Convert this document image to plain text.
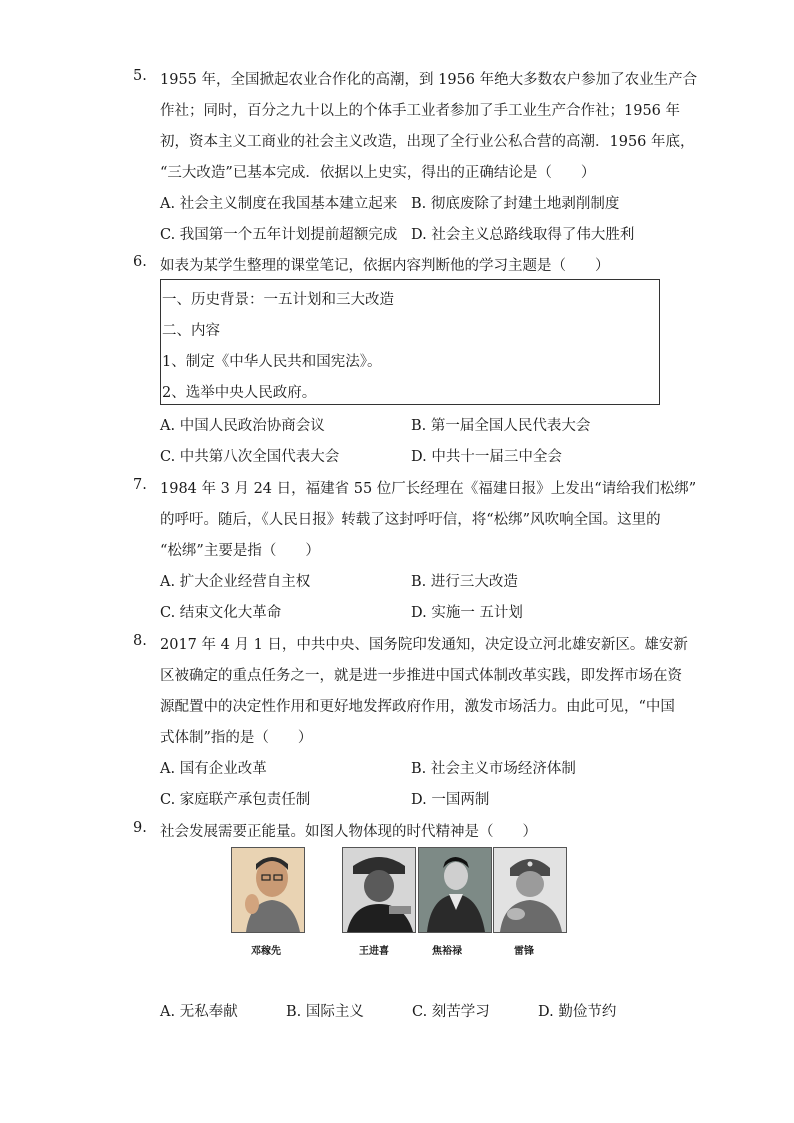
5. 1955 年，全国掀起农业合作化的高潮，到 1956 年绝大多数农户参加了农业生产合
作社；同时，百分之九十以上的个体手工业者参加了手工业生产合作社；1956 年
初，资本主义工商业的社会主义改造，出现了全行业公私合营的高潮．1956 年底，
“三大改造”已基本完成．依据以上史实，得出的正确结论是（　　）
A. 社会主义制度在我国基本建立起来 B. 彻底废除了封建土地剥削制度
C. 我国第一个五年计划提前超额完成 D. 社会主义总路线取得了伟大胜利
6. 如表为某学生整理的课堂笔记，依据内容判断他的学习主题是（　　）
一、历史背景：一五计划和三大改造
二、内容
1、制定《中华人民共和国宪法》。
2、选举中央人民政府。
A. 中国人民政治协商会议	B. 第一届全国人民代表大会
C. 中共第八次全国代表大会	D. 中共十一届三中全会
7. 1984 年 3 月 24 日，福建省 55 位厂长经理在《福建日报》上发出“请给我们松绑”
的呼吁。随后，《人民日报》转载了这封呼吁信，将“松绑”风吹响全国。这里的
“松绑”主要是指（　　）
A. 扩大企业经营自主权	B. 进行三大改造
C. 结束文化大革命	D. 实施一 五计划
8. 2017 年 4 月 1 日，中共中央、国务院印发通知，决定设立河北雄安新区。雄安新
区被确定的重点任务之一，就是进一步推进中国式体制改革实践，即发挥市场在资
源配置中的决定性作用和更好地发挥政府作用，激发市场活力。由此可见，“中国
式体制”指的是（　　）
A. 国有企业改革	B. 社会主义市场经济体制
C. 家庭联产承包责任制	D. 一国两制
9. 社会发展需要正能量。如图人物体现的时代精神是（　　）
邓稼先	王进喜	焦裕禄	雷锋
A. 无私奉献	B. 国际主义	C. 刻苦学习	D. 勤俭节约
